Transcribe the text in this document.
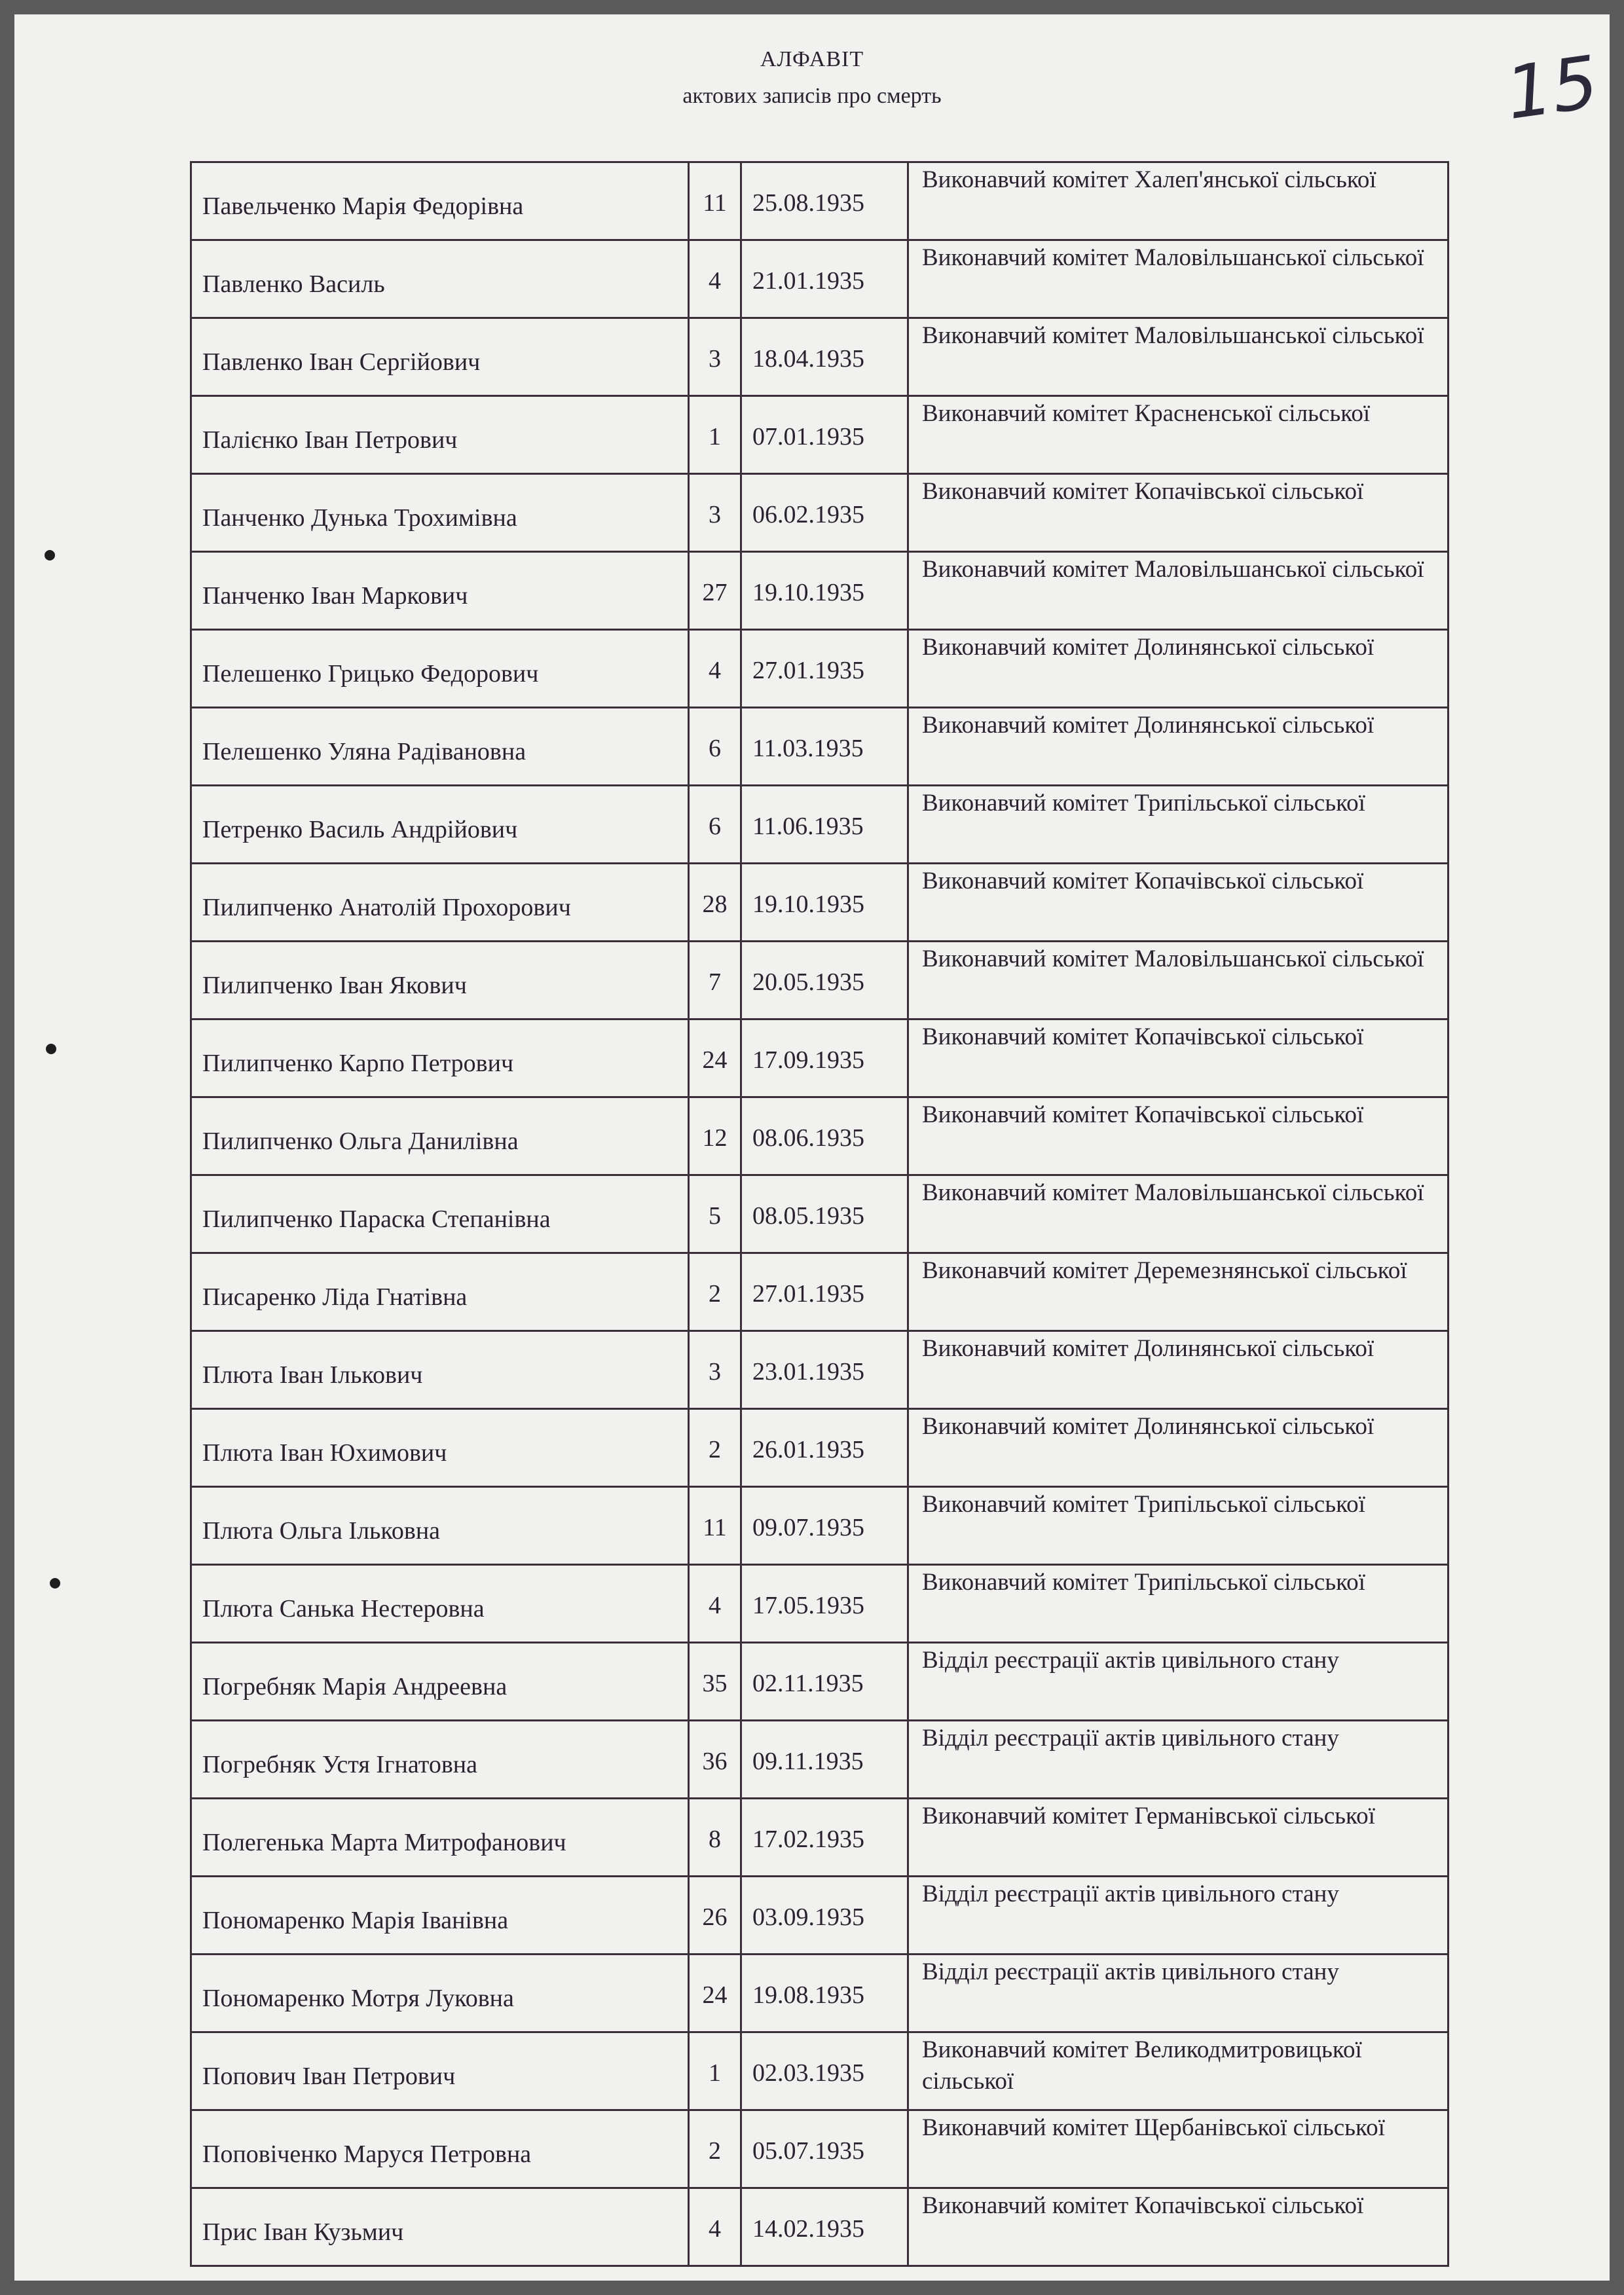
АЛФАВІТ
актових записів про смерть	15
Павельченко Марія Федорівна	11	25.08.1935	Виконавчий комітет Халеп'янської сільської
Павленко Василь	4	21.01.1935	Виконавчий комітет Маловільшанської сільської
Павленко Іван Сергійович	3	18.04.1935	Виконавчий комітет Маловільшанської сільської
Палієнко Іван Петрович	1	07.01.1935	Виконавчий комітет Красненської сільської
Панченко Дунька Трохимівна	3	06.02.1935	Виконавчий комітет Копачівської сільської
Панченко Іван Маркович	27	19.10.1935	Виконавчий комітет Маловільшанської сільської
Пелешенко Грицько Федорович	4	27.01.1935	Виконавчий комітет Долинянської сільської
Пелешенко Уляна Радівановна	6	11.03.1935	Виконавчий комітет Долинянської сільської
Петренко Василь Андрійович	6	11.06.1935	Виконавчий комітет Трипільської сільської
Пилипченко Анатолій Прохорович	28	19.10.1935	Виконавчий комітет Копачівської сільської
Пилипченко Іван Якович	7	20.05.1935	Виконавчий комітет Маловільшанської сільської
Пилипченко Карпо Петрович	24	17.09.1935	Виконавчий комітет Копачівської сільської
Пилипченко Ольга Данилівна	12	08.06.1935	Виконавчий комітет Копачівської сільської
Пилипченко Параска Степанівна	5	08.05.1935	Виконавчий комітет Маловільшанської сільської
Писаренко Ліда Гнатівна	2	27.01.1935	Виконавчий комітет Деремезнянської сільської
Плюта Іван Ількович	3	23.01.1935	Виконавчий комітет Долинянської сільської
Плюта Іван Юхимович	2	26.01.1935	Виконавчий комітет Долинянської сільської
Плюта Ольга Ільковна	11	09.07.1935	Виконавчий комітет Трипільської сільської
Плюта Санька Нестеровна	4	17.05.1935	Виконавчий комітет Трипільської сільської
Погребняк Марія Андреевна	35	02.11.1935	Відділ реєстрації актів цивільного стану
Погребняк Устя Ігнатовна	36	09.11.1935	Відділ реєстрації актів цивільного стану
Полегенька Марта Митрофанович	8	17.02.1935	Виконавчий комітет Германівської сільської
Пономаренко Марія Іванівна	26	03.09.1935	Відділ реєстрації актів цивільного стану
Пономаренко Мотря Луковна	24	19.08.1935	Відділ реєстрації актів цивільного стану
Попович Іван Петрович	1	02.03.1935	Виконавчий комітет Великодмитровицької сільської
Поповіченко Маруся Петровна	2	05.07.1935	Виконавчий комітет Щербанівської сільської
Прис Іван Кузьмич	4	14.02.1935	Виконавчий комітет Копачівської сільської
